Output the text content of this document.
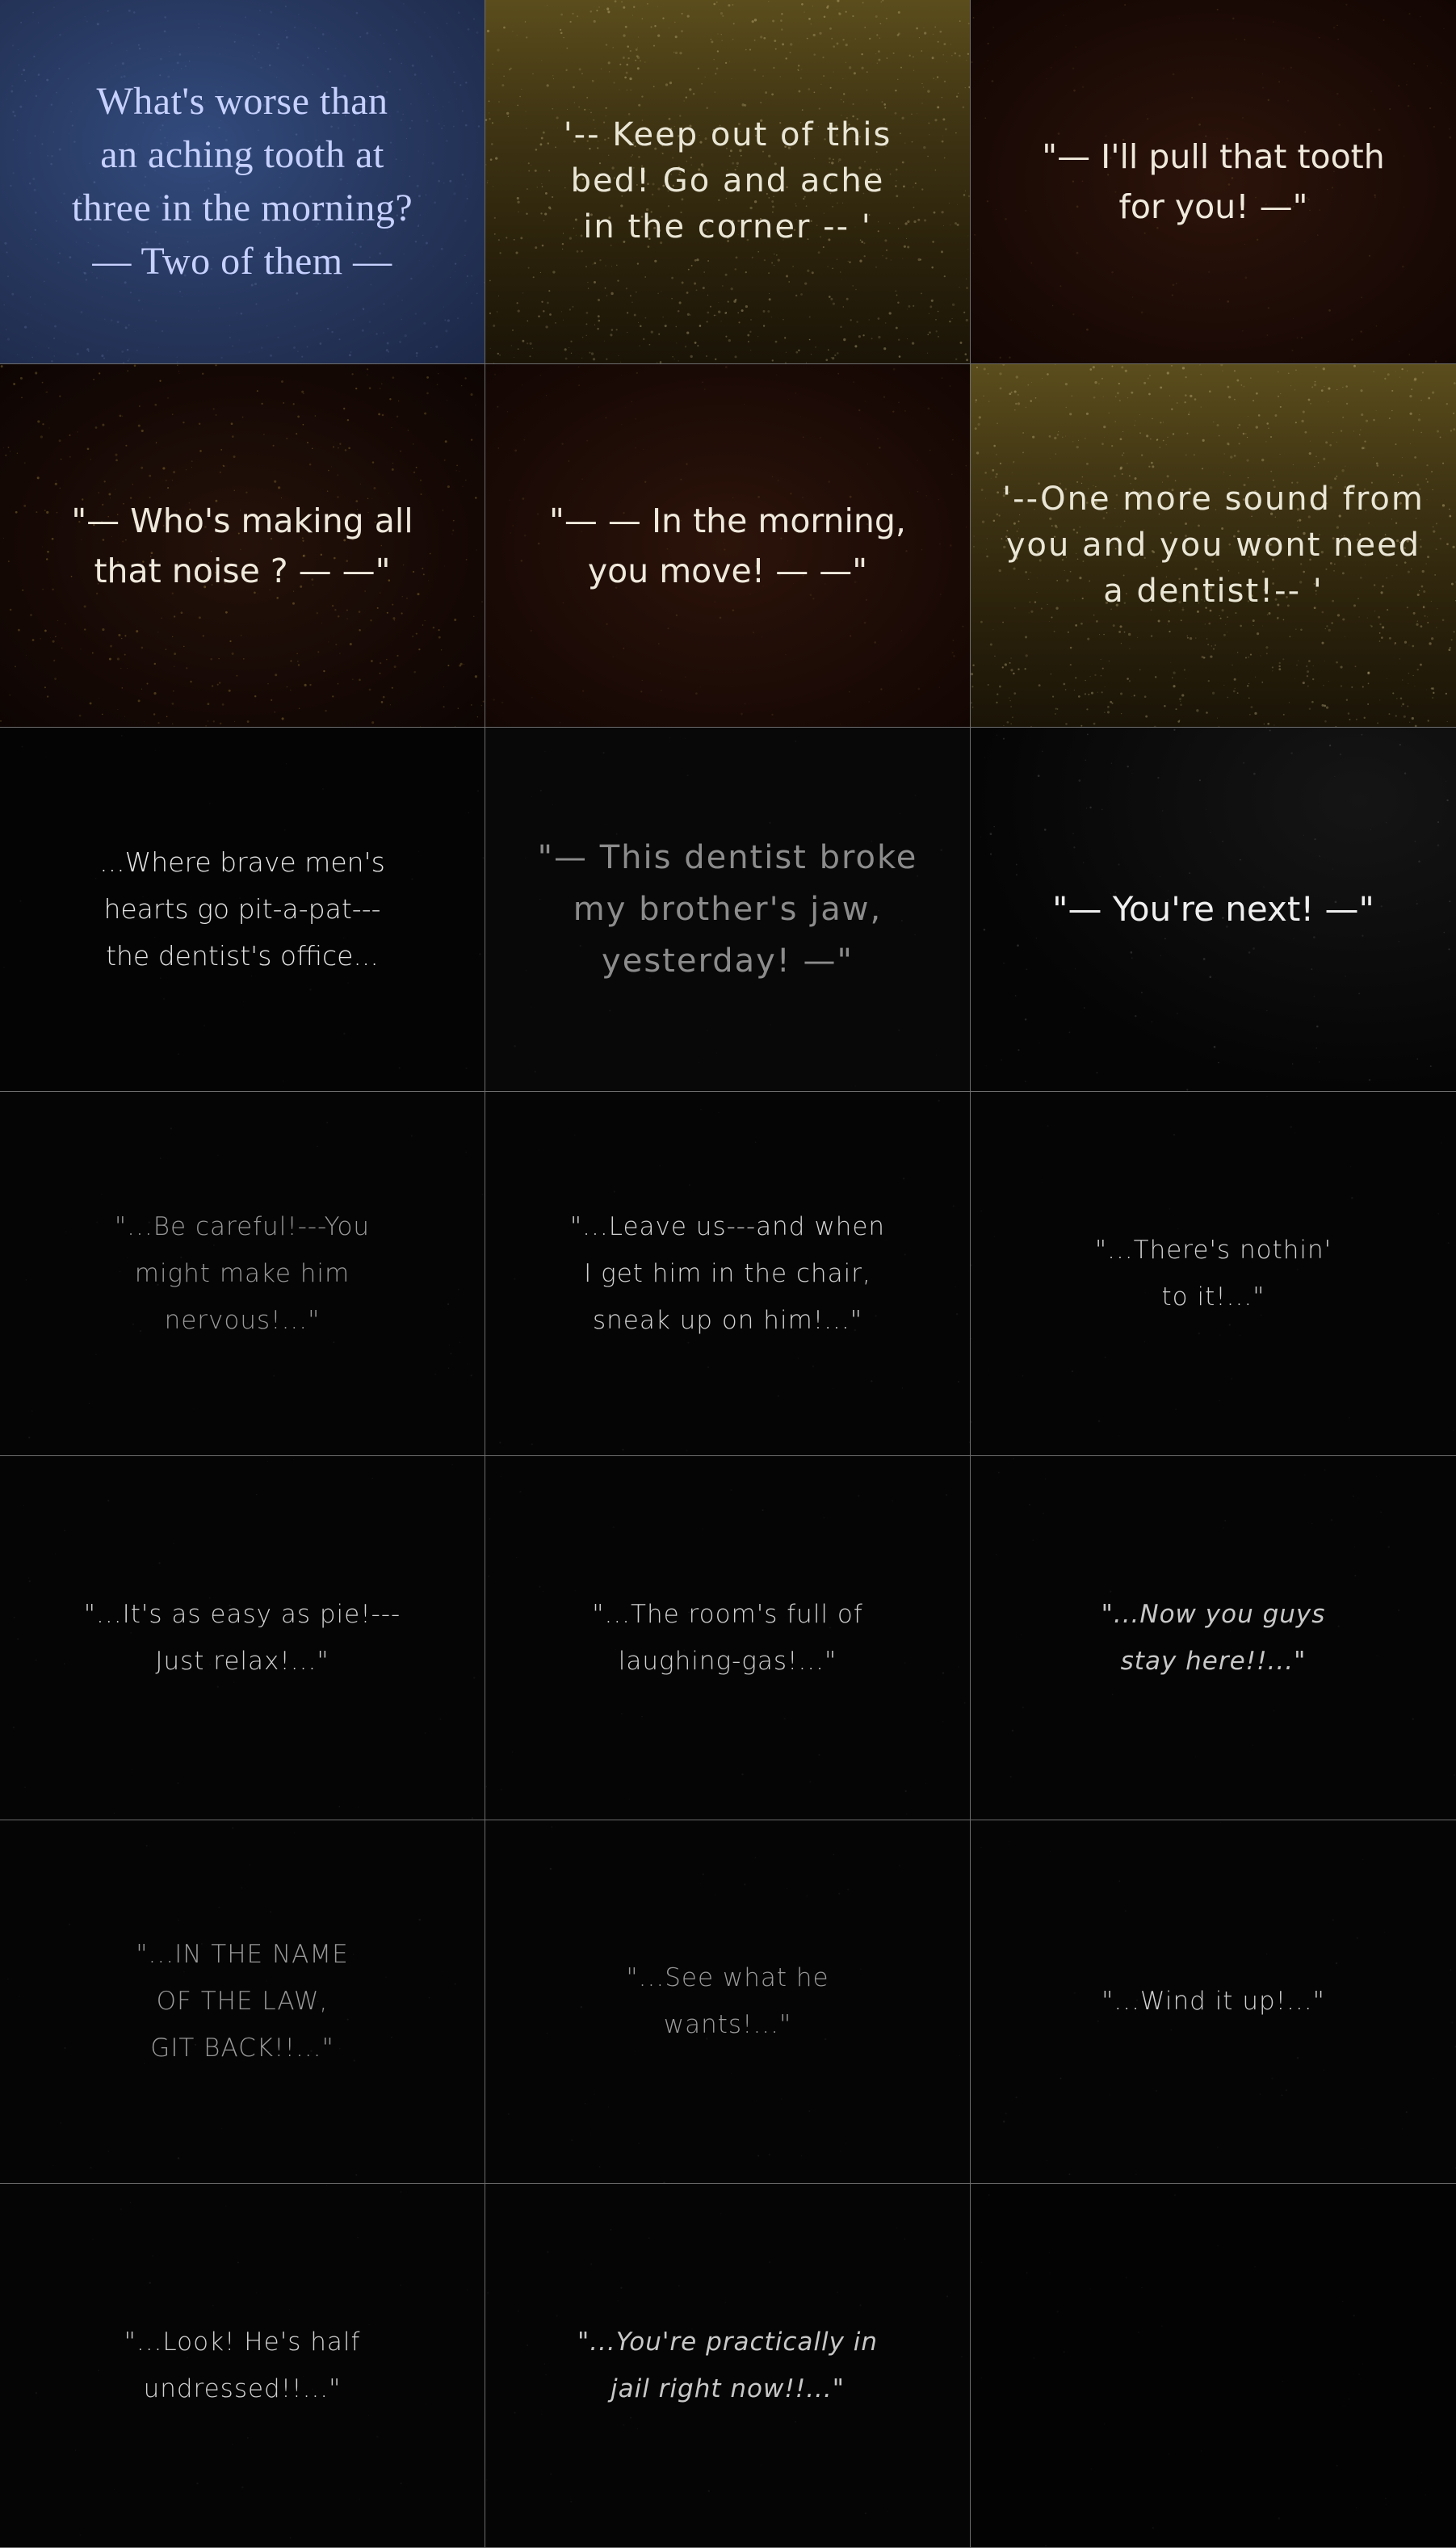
What's worse than
an aching tooth at
three in the morning?
— Two of them —
'-- Keep out of this
bed! Go and ache
in the corner -- '
"— I'll pull that tooth
for you! —"
"— Who's making all
that noise ? — —"
"— — In the morning,
you move! — —"
'--One more sound from
you and you wont need
a dentist!-- '
...Where brave men's
hearts go pit-a-pat---
the dentist's office...
"— This dentist broke
my brother's jaw,
yesterday! —"
"— You're next! —"
"...Be careful!---You
might make him
nervous!..."
"...Leave us---and when
I get him in the chair,
sneak up on him!..."
"...There's nothin'
to it!..."
"...It's as easy as pie!---
Just relax!..."
"...The room's full of
laughing-gas!..."
"...Now you guys
stay here!!..."
"...IN THE NAME
OF THE LAW,
GIT BACK!!..."
"...See what he
wants!..."
"...Wind it up!..."
"...Look! He's half
undressed!!..."
"...You're practically in
jail right now!!..."
